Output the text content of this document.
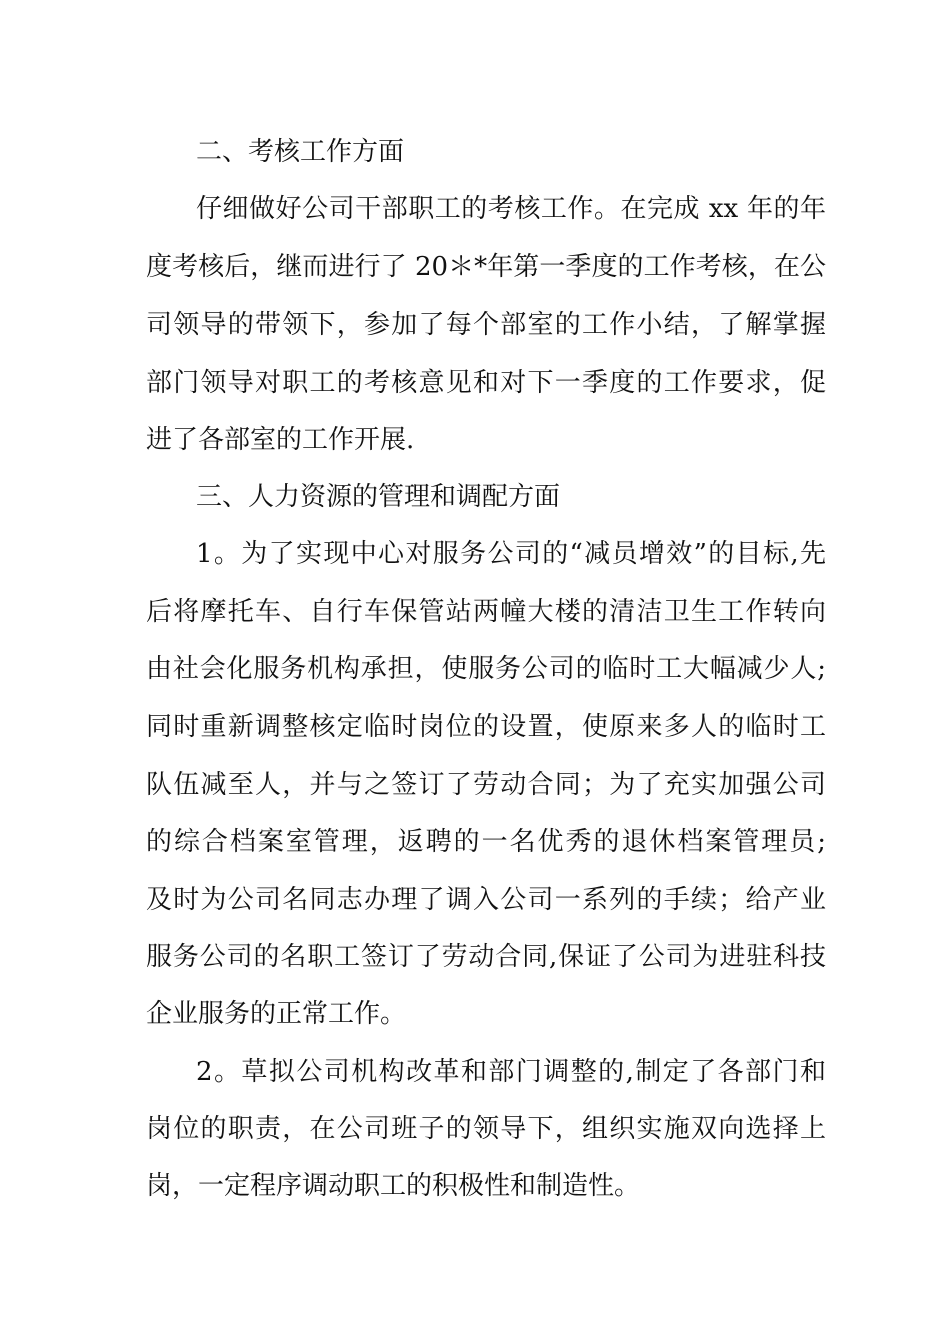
二、考核工作方面
仔细做好公司干部职工的考核工作。在完成 xx 年的年
度考核后，继而进行了 20＊*年第一季度的工作考核，在公
司领导的带领下，参加了每个部室的工作小结，了解掌握
部门领导对职工的考核意见和对下一季度的工作要求，促
进了各部室的工作开展.
三、人力资源的管理和调配方面
1。为了实现中心对服务公司的“减员增效”的目标,先
后将摩托车、自行车保管站两幢大楼的清洁卫生工作转向
由社会化服务机构承担，使服务公司的临时工大幅减少人;
同时重新调整核定临时岗位的设置，使原来多人的临时工
队伍减至人，并与之签订了劳动合同；为了充实加强公司
的综合档案室管理，返聘的一名优秀的退休档案管理员;
及时为公司名同志办理了调入公司一系列的手续；给产业
服务公司的名职工签订了劳动合同,保证了公司为进驻科技
企业服务的正常工作。
2。草拟公司机构改革和部门调整的,制定了各部门和
岗位的职责，在公司班子的领导下，组织实施双向选择上
岗，一定程序调动职工的积极性和制造性。
